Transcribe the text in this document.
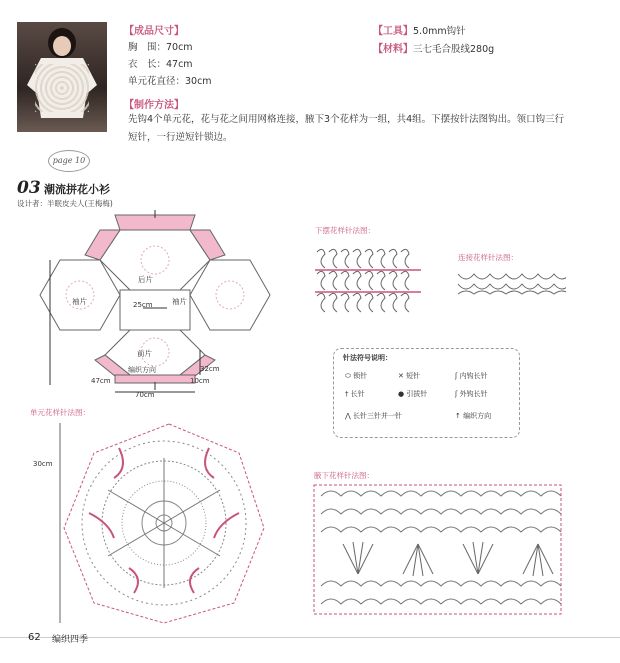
【成品尺寸】
胸　围：70cm
衣　长：47cm
单元花直径：30cm
【制作方法】
先钩4个单元花，花与花之间用网格连接，腋下3个花样为一组，共4组。下摆按针法图钩出。领口钩三行
短针，一行逆短针锁边。
【工具】5.0mm钩针
【材料】三七毛合股线280g
page 10
03 潮流拼花小衫
设计者：半眠皮夫人(王梅梅)
后片
前片
袖片	袖片
编织方向
25cm
32cm
47cm	10cm
70cm
下摆花样针法图：
连接花样针法图：
针法符号说明：
⬭ 锁针	✕ 短针	ʃ 内钩长针
† 长针	● 引拔针	ʃ 外钩长针
⋀ 长针三针并一针	↑ 编织方向
单元花样针法图：
30cm
腋下花样针法图：
62 编织四季
